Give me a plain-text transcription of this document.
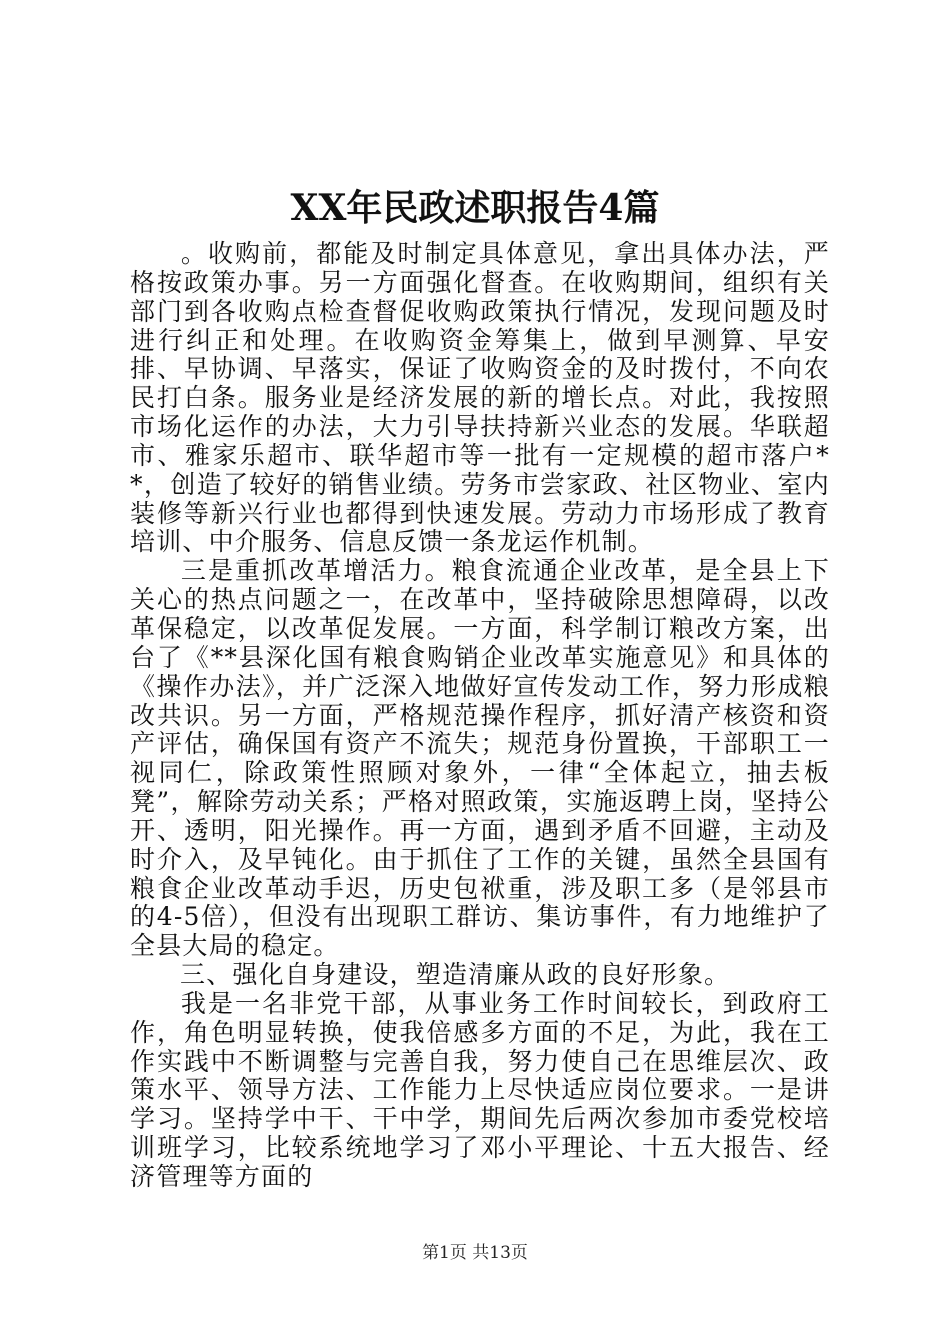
XX年民政述职报告4篇

。收购前，都能及时制定具体意见，拿出具体办法，严格按政策办事。另一方面强化督查。在收购期间，组织有关部门到各收购点检查督促收购政策执行情况，发现问题及时进行纠正和处理。在收购资金筹集上，做到早测算、早安排、早协调、早落实，保证了收购资金的及时拨付，不向农民打白条。服务业是经济发展的新的增长点。对此，我按照市场化运作的办法，大力引导扶持新兴业态的发展。华联超市、雅家乐超市、联华超市等一批有一定规模的超市落户**，创造了较好的销售业绩。劳务市尝家政、社区物业、室内装修等新兴行业也都得到快速发展。劳动力市场形成了教育培训、中介服务、信息反馈一条龙运作机制。

三是重抓改革增活力。粮食流通企业改革，是全县上下关心的热点问题之一，在改革中，坚持破除思想障碍，以改革保稳定，以改革促发展。一方面，科学制订粮改方案，出台了《**县深化国有粮食购销企业改革实施意见》和具体的《操作办法》，并广泛深入地做好宣传发动工作，努力形成粮改共识。另一方面，严格规范操作程序，抓好清产核资和资产评估，确保国有资产不流失；规范身份置换，干部职工一视同仁，除政策性照顾对象外，一律“全体起立，抽去板凳”，解除劳动关系；严格对照政策，实施返聘上岗，坚持公开、透明，阳光操作。再一方面，遇到矛盾不回避，主动及时介入，及早钝化。由于抓住了工作的关键，虽然全县国有粮食企业改革动手迟，历史包袱重，涉及职工多（是邻县市的4-5倍），但没有出现职工群访、集访事件，有力地维护了全县大局的稳定。

三、强化自身建设，塑造清廉从政的良好形象。

我是一名非党干部，从事业务工作时间较长，到政府工作，角色明显转换，使我倍感多方面的不足，为此，我在工作实践中不断调整与完善自我，努力使自己在思维层次、政策水平、领导方法、工作能力上尽快适应岗位要求。一是讲学习。坚持学中干、干中学，期间先后两次参加市委党校培训班学习，比较系统地学习了邓小平理论、十五大报告、经济管理等方面的

第1页 共13页
